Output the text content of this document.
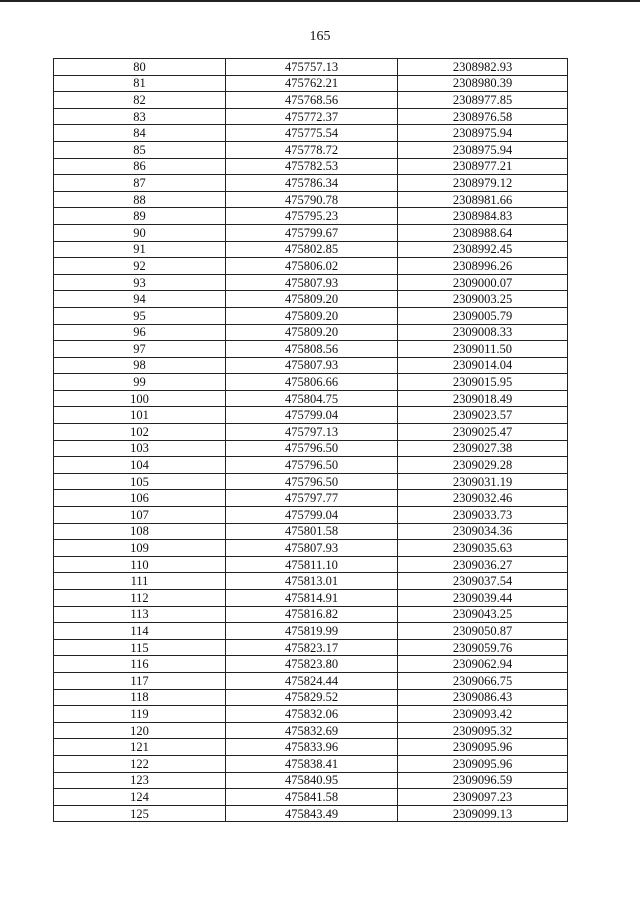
165
80	475757.13	2308982.93
81	475762.21	2308980.39
82	475768.56	2308977.85
83	475772.37	2308976.58
84	475775.54	2308975.94
85	475778.72	2308975.94
86	475782.53	2308977.21
87	475786.34	2308979.12
88	475790.78	2308981.66
89	475795.23	2308984.83
90	475799.67	2308988.64
91	475802.85	2308992.45
92	475806.02	2308996.26
93	475807.93	2309000.07
94	475809.20	2309003.25
95	475809.20	2309005.79
96	475809.20	2309008.33
97	475808.56	2309011.50
98	475807.93	2309014.04
99	475806.66	2309015.95
100	475804.75	2309018.49
101	475799.04	2309023.57
102	475797.13	2309025.47
103	475796.50	2309027.38
104	475796.50	2309029.28
105	475796.50	2309031.19
106	475797.77	2309032.46
107	475799.04	2309033.73
108	475801.58	2309034.36
109	475807.93	2309035.63
110	475811.10	2309036.27
111	475813.01	2309037.54
112	475814.91	2309039.44
113	475816.82	2309043.25
114	475819.99	2309050.87
115	475823.17	2309059.76
116	475823.80	2309062.94
117	475824.44	2309066.75
118	475829.52	2309086.43
119	475832.06	2309093.42
120	475832.69	2309095.32
121	475833.96	2309095.96
122	475838.41	2309095.96
123	475840.95	2309096.59
124	475841.58	2309097.23
125	475843.49	2309099.13
